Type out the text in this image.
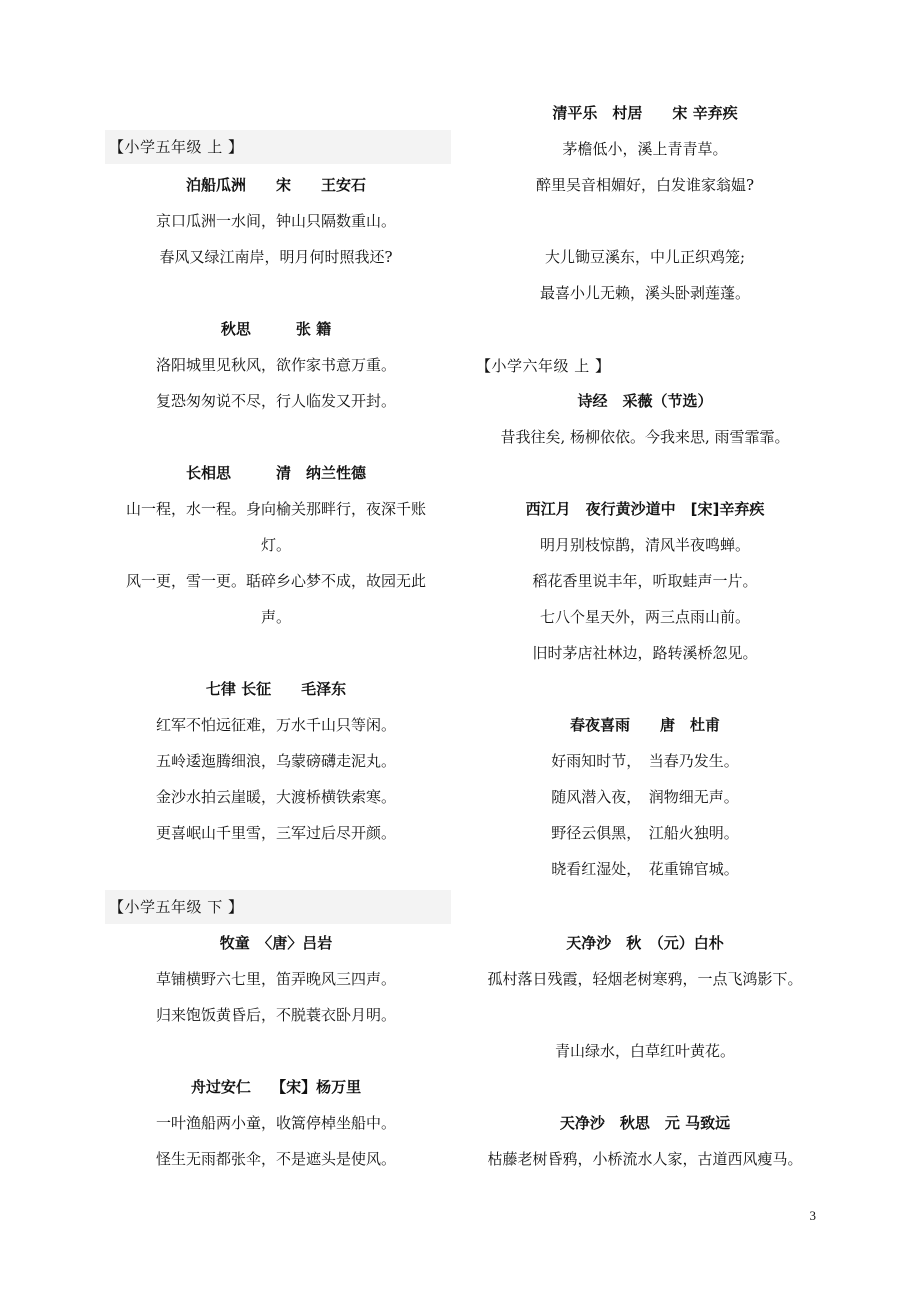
【小学五年级 上 】
泊船瓜洲　　宋　　王安石
京口瓜洲一水间，钟山只隔数重山。
春风又绿江南岸，明月何时照我还?
秋思　　　张 籍
洛阳城里见秋风，欲作家书意万重。
复恐匆匆说不尽，行人临发又开封。
长相思　　　清　纳兰性德
山一程，水一程。身向榆关那畔行，夜深千账
灯。
风一更，雪一更。聒碎乡心梦不成，故园无此
声。
七律 长征　　毛泽东
红军不怕远征难，万水千山只等闲。
五岭逶迤腾细浪，乌蒙磅礴走泥丸。
金沙水拍云崖暖，大渡桥横铁索寒。
更喜岷山千里雪，三军过后尽开颜。
【小学五年级 下 】
牧童　〈唐〉吕岩
草铺横野六七里，笛弄晚风三四声。
归来饱饭黄昏后，不脱蓑衣卧月明。
舟过安仁　 【宋】杨万里
一叶渔船两小童，收篙停棹坐船中。
怪生无雨都张伞，不是遮头是使风。
清平乐　村居　　宋 辛弃疾
茅檐低小，溪上青青草。
醉里吴音相媚好，白发谁家翁媪?
大儿锄豆溪东，中儿正织鸡笼;
最喜小儿无赖，溪头卧剥莲蓬。
【小学六年级 上 】
诗经　采薇（节选）
昔我往矣, 杨柳依依。今我来思, 雨雪霏霏。
西江月　夜行黄沙道中　[宋]辛弃疾
明月别枝惊鹊，清风半夜鸣蝉。
稻花香里说丰年，听取蛙声一片。
七八个星天外，两三点雨山前。
旧时茅店社林边，路转溪桥忽见。
春夜喜雨　　唐　杜甫
好雨知时节，　当春乃发生。
随风潜入夜，　润物细无声。
野径云俱黑，　江船火独明。
晓看红湿处，　花重锦官城。
天净沙　秋　（元）白朴
孤村落日残霞，轻烟老树寒鸦，一点飞鸿影下。
青山绿水，白草红叶黄花。
天净沙　秋思　元 马致远
枯藤老树昏鸦，小桥流水人家，古道西风瘦马。
3
